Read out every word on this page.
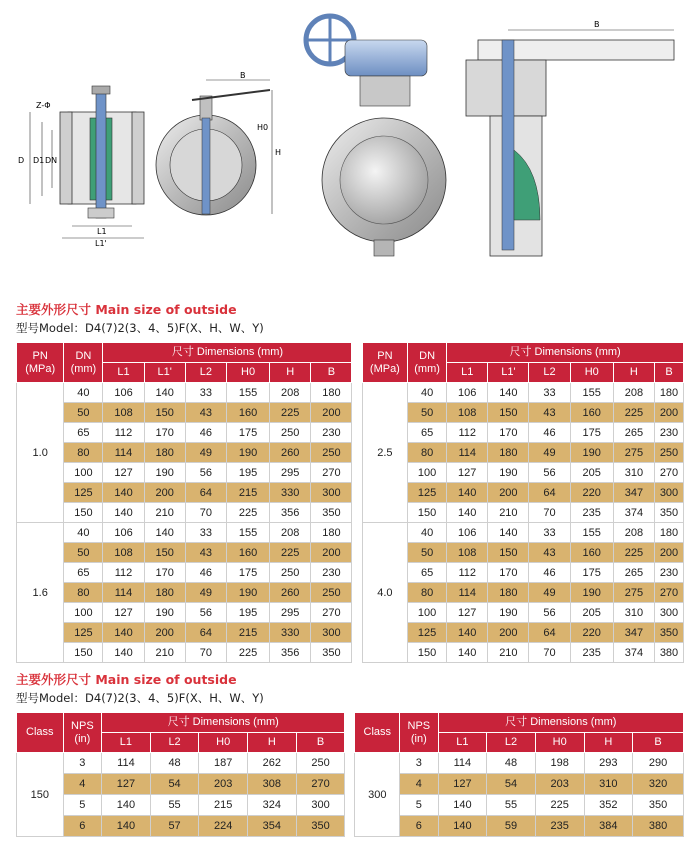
D D1 DN
Z-Φ
L1
L1'
B
H0
H
B
主要外形尺寸 Main size of outside
型号Model：D4(7)2(3、4、5)F(X、H、W、Y)
PN
(MPa)	DN
(mm)	尺寸 Dimensions (mm)							PN
(MPa)	DN
(mm)	尺寸 Dimensions (mm)					
		L1	L1'	L2	H0	H	B				L1	L1'	L2	H0	H	B
1.0	40	106	140	33	155	208	180		2.5	40	106	140	33	155	208	180
	50	108	150	43	160	225	200			50	108	150	43	160	225	200
	65	112	170	46	175	250	230			65	112	170	46	175	265	230
	80	114	180	49	190	260	250			80	114	180	49	190	275	250
	100	127	190	56	195	295	270			100	127	190	56	205	310	270
	125	140	200	64	215	330	300			125	140	200	64	220	347	300
	150	140	210	70	225	356	350			150	140	210	70	235	374	350
1.6	40	106	140	33	155	208	180		4.0	40	106	140	33	155	208	180
	50	108	150	43	160	225	200			50	108	150	43	160	225	200
	65	112	170	46	175	250	230			65	112	170	46	175	265	230
	80	114	180	49	190	260	250			80	114	180	49	190	275	270
	100	127	190	56	195	295	270			100	127	190	56	205	310	300
	125	140	200	64	215	330	300			125	140	200	64	220	347	350
	150	140	210	70	225	356	350			150	140	210	70	235	374	380
主要外形尺寸 Main size of outside
型号Model：D4(7)2(3、4、5)F(X、H、W、Y)
Class	NPS
(in)	尺寸 Dimensions (mm)						Class	NPS
(in)	尺寸 Dimensions (mm)				
		L1	L2	H0	H	B				L1	L2	H0	H	B
150	3	114	48	187	262	250		300	3	114	48	198	293	290
	4	127	54	203	308	270			4	127	54	203	310	320
	5	140	55	215	324	300			5	140	55	225	352	350
	6	140	57	224	354	350			6	140	59	235	384	380
